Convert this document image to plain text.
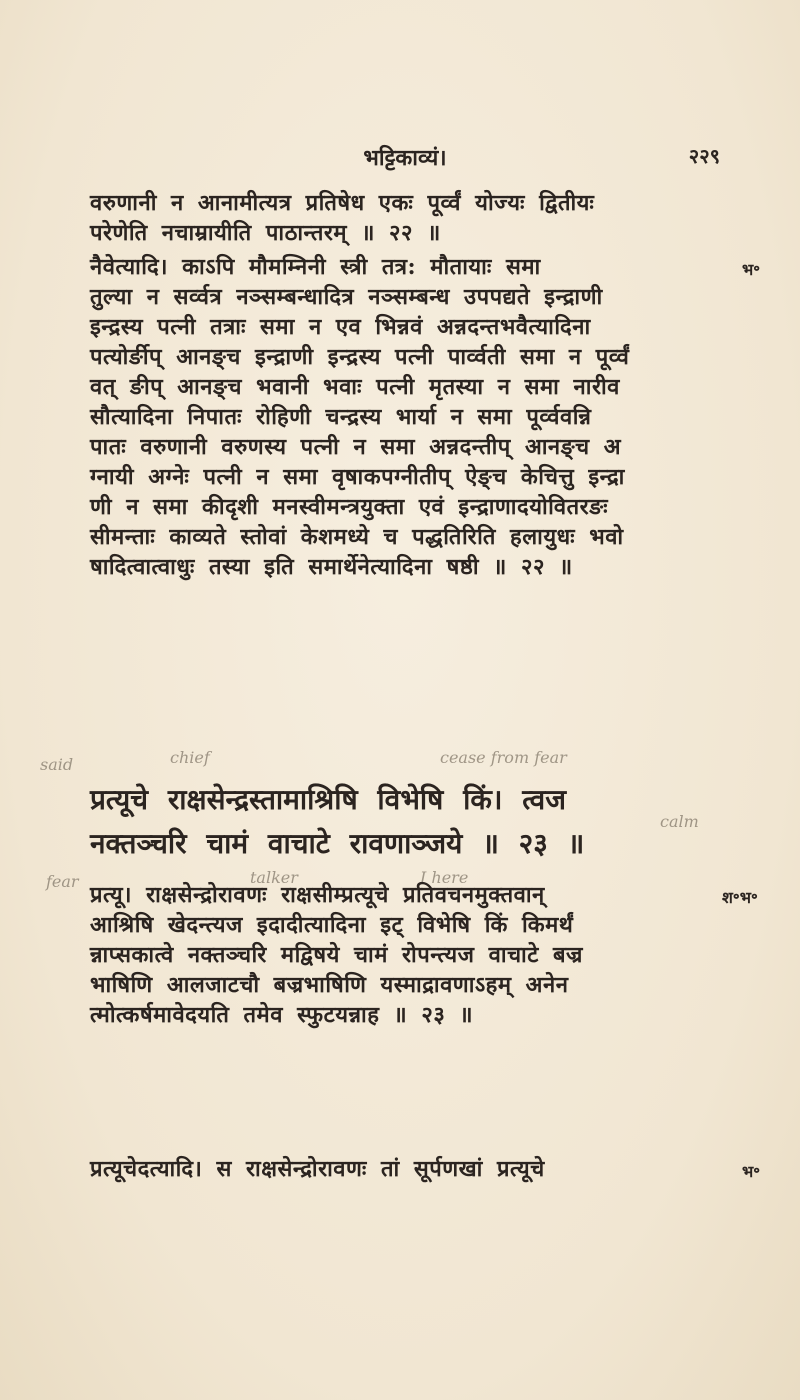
भट्टिकाव्यं।	२२९
वरुणानी न आनामीत्यत्र प्रतिषेध एकः पूर्व्वं योज्यः द्वितीयः
परेणेति नचाम्रायीति पाठान्तरम् ॥ २२ ॥
नैवेत्यादि। काऽपि मौमम्निनी स्त्री तत्र: मौतायाः समा
तुल्या न सर्व्वत्र नञ्सम्बन्धादित्र नञ्सम्बन्ध उपपद्यते इन्द्राणी
इन्द्रस्य पत्नी तत्राः समा न एव भिन्नवं अन्नदन्तभवैत्यादिना
पत्योर्ङीप् आनङ्च इन्द्राणी इन्द्रस्य पत्नी पार्व्वती समा न पूर्व्वं
वत् ङीप् आनङ्च भवानी भवाः पत्नी मृतस्या न समा नारीव
सौत्यादिना निपातः रोहिणी चन्द्रस्य भार्या न समा पूर्व्ववन्नि
पातः वरुणानी वरुणस्य पत्नी न समा अन्नदन्तीप् आनङ्च अ
ग्नायी अग्नेः पत्नी न समा वृषाकपग्नीतीप् ऐङ्च केचित्तु इन्द्रा
णी न समा कीदृशी मनस्वीमन्त्रयुक्ता एवं इन्द्राणादयोवितरङः
सीमन्ताः काव्यते स्तोवां केशमध्ये च पद्धतिरिति हलायुधः भवो
षादित्वात्वाधुः तस्या इति समार्थेनेत्यादिना षष्ठी ॥ २२ ॥
भ॰
said	chief	cease from fear
calm
fear	talker	I here
प्रत्यूचे राक्षसेन्द्रस्तामाश्रिषि विभेषि किं। त्वज
नक्तञ्चरि चामं वाचाटे रावणाञ्जये ॥ २३ ॥
प्रत्यू। राक्षसेन्द्रोरावणः राक्षसीम्प्रत्यूचे प्रतिवचनमुक्तवान्
आश्रिषि खेदन्त्यज इदादीत्यादिना इट् विभेषि किं किमर्थं
न्नाप्सकात्वे नक्तञ्चरि मद्विषये चामं रोपन्त्यज वाचाटे बज्र
भाषिणि आलजाटचौ बज्रभाषिणि यस्माद्रावणाऽहम् अनेन
त्मोत्कर्षमावेदयति तमेव स्फुटयन्नाह ॥ २३ ॥
श॰भ॰
प्रत्यूचेदत्यादि। स राक्षसेन्द्रोरावणः तां सूर्पणखां प्रत्यूचे	भ॰
